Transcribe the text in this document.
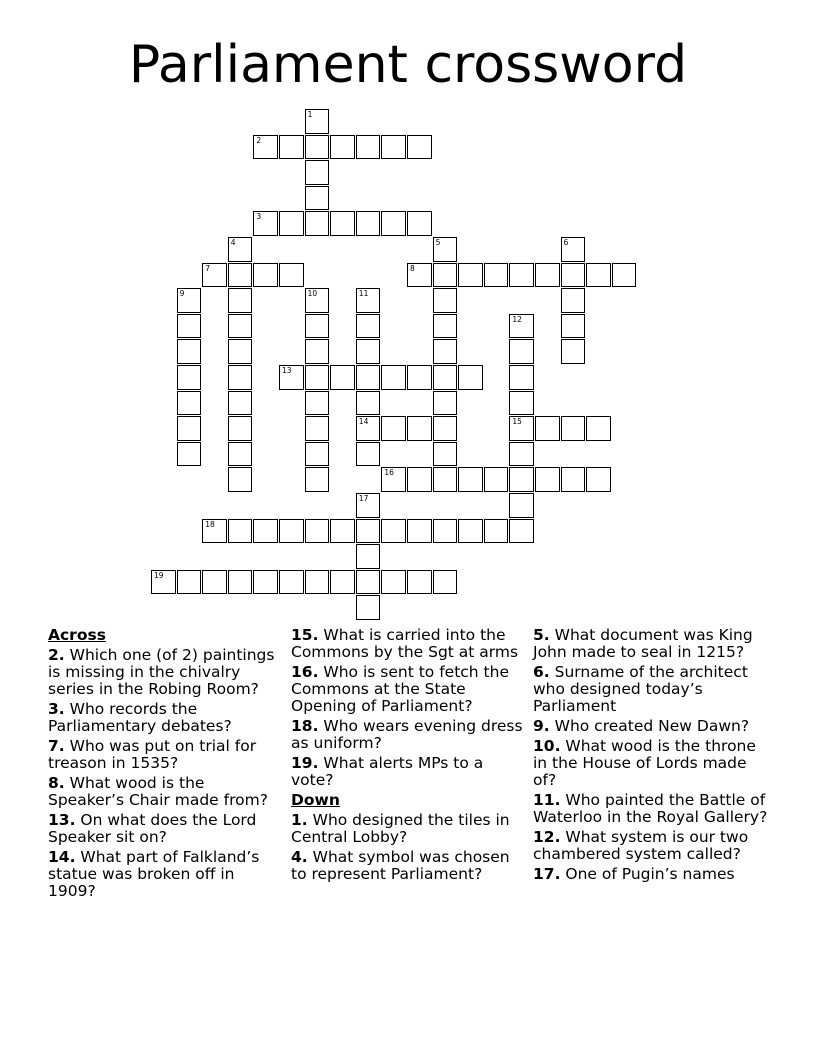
Parliament crossword
1
2
3
4	5	6
7	8
9	10	11
14
12
15
13
16
17
18
19
Across
2. Which one (of 2) paintings is missing in the chivalry series in the Robing Room?
3. Who records the Parliamentary debates?
7. Who was put on trial for treason in 1535?
8. What wood is the Speaker’s Chair made from?
13. On what does the Lord Speaker sit on?
14. What part of Falkland’s statue was broken off in 1909?
15. What is carried into the Commons by the Sgt at arms
16. Who is sent to fetch the Commons at the State Opening of Parliament?
18. Who wears evening dress as uniform?
19. What alerts MPs to a vote?
Down
1. Who designed the tiles in Central Lobby?
4. What symbol was chosen to represent Parliament?
5. What document was King John made to seal in 1215?
6. Surname of the architect who designed today’s Parliament
9. Who created New Dawn?
10. What wood is the throne in the House of Lords made of?
11. Who painted the Battle of Waterloo in the Royal Gallery?
12. What system is our two chambered system called?
17. One of Pugin’s names
